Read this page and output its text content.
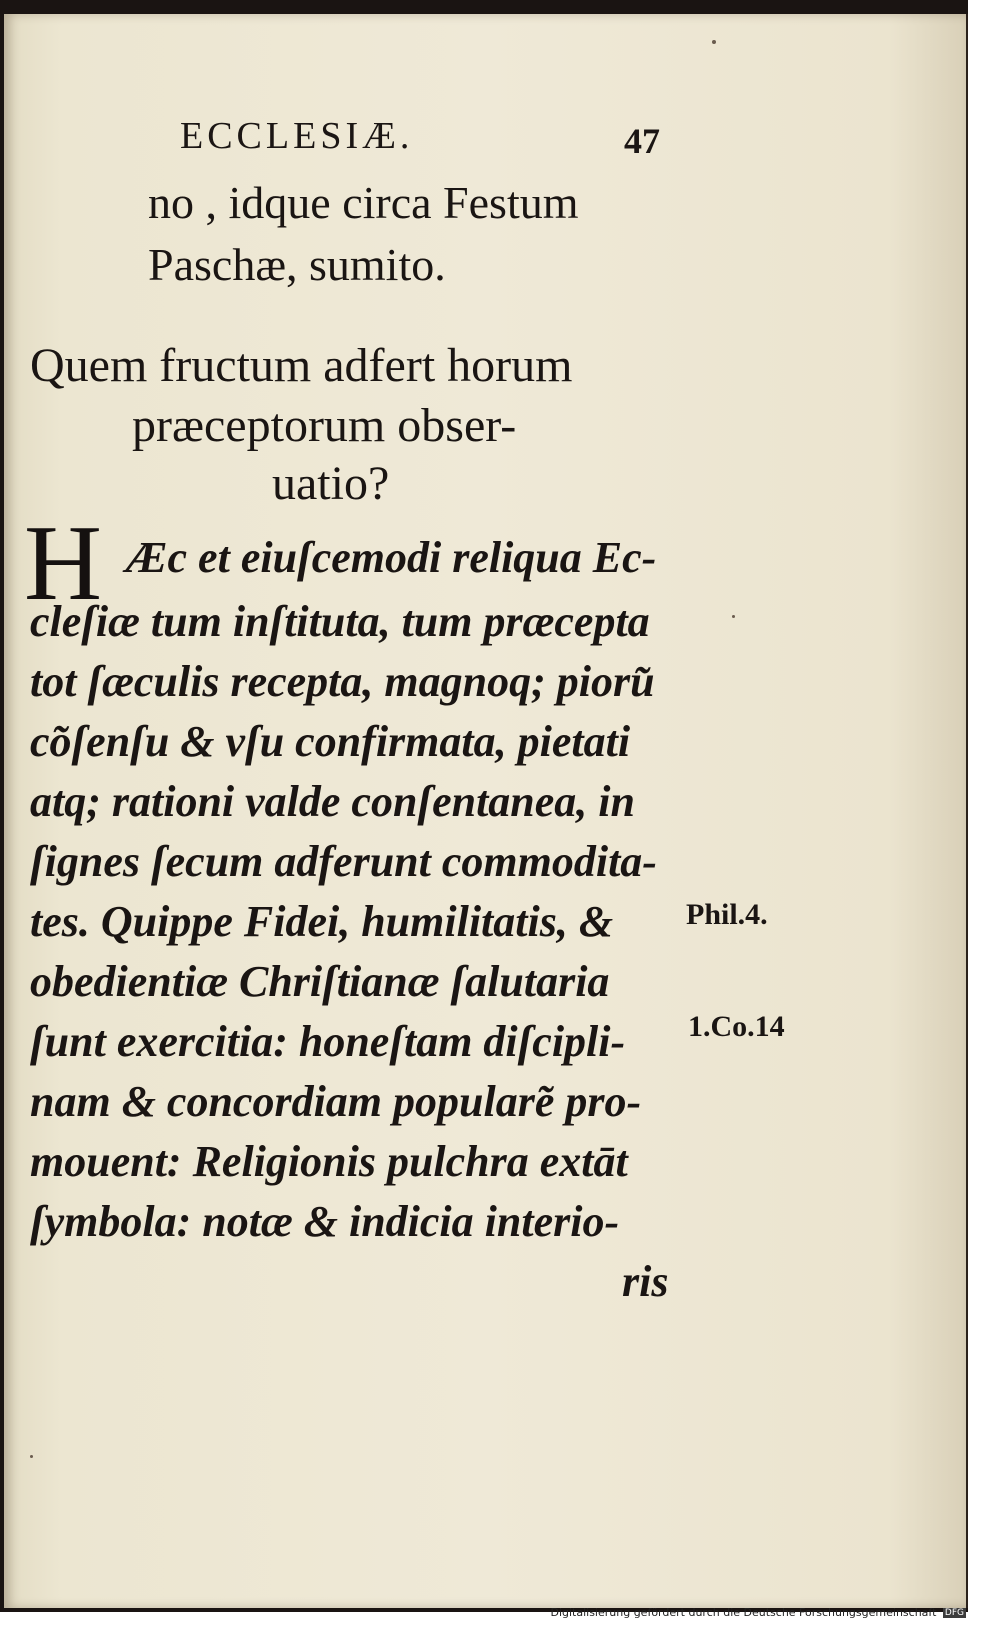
ECCLESIÆ.	47
no , idque circa Festum
Paschæ, sumito.
Quem fructum adfert horum
præceptorum obser-
uatio?
H Æc et eiuſcemodi reliqua Ec-
cleſiæ tum inſtituta, tum præcepta
tot ſæculis recepta, magnoq; pioru͂
co͂ſenſu & vſu confirmata, pietati
atq; rationi valde conſentanea, in
ſignes ſecum adferunt commodita-
tes. Quippe Fidei, humilitatis, &
obedientiæ Chriſtianæ ſalutaria
ſunt exercitia: honeſtam diſcipli-
nam & concordiam populare͂ pro-
mouent: Religionis pulchra extāt
ſymbola: notæ & indicia interio-
ris
Phil.4.
1.Co.14
Digitalisierung gefördert durch die Deutsche Forschungsgemeinschaft DFG
